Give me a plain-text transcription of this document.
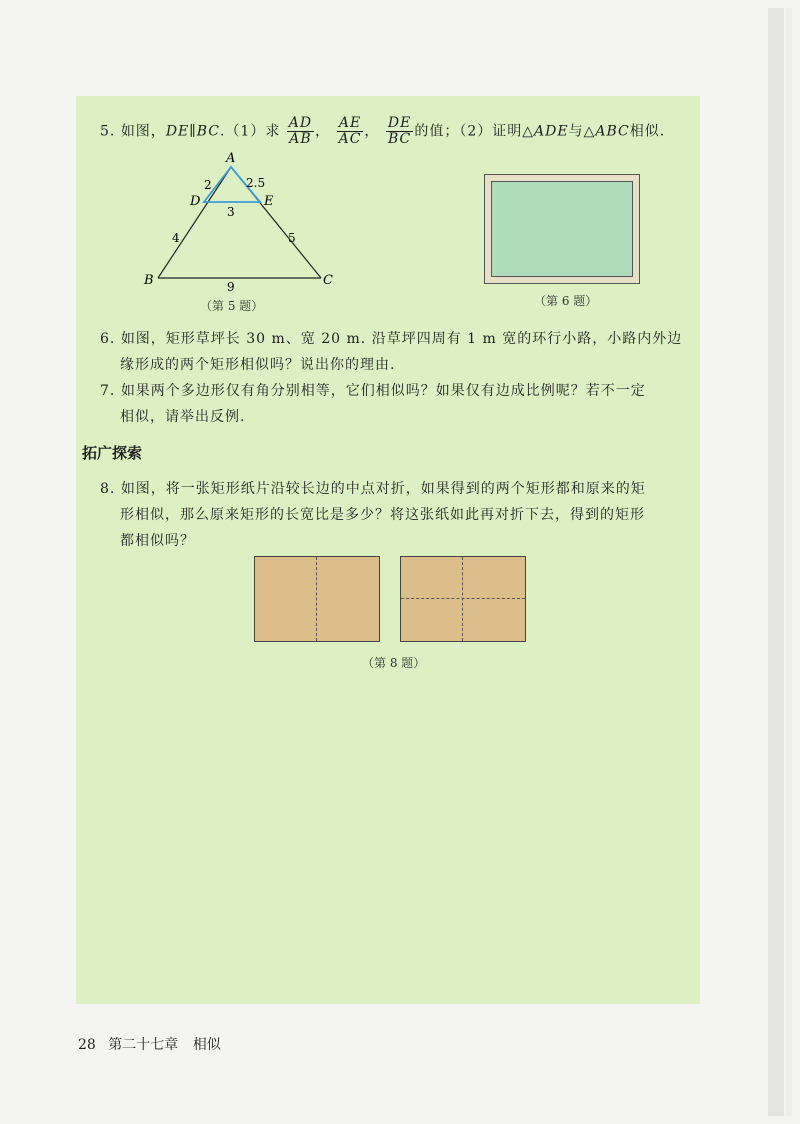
5. 如图，DE∥BC.（1）求 $\frac{AD}{AB}$ ， $\frac{AE}{AC}$ ， $\frac{DE}{BC}$ 的值；（2）证明△ADE与△ABC相似.
A
D	E
B	C
2	2.5
3
4	5
9
（第 5 题）	（第 6 题）
6. 如图，矩形草坪长 30 m、宽 20 m. 沿草坪四周有 1 m 宽的环行小路，小路内外边
缘形成的两个矩形相似吗？说出你的理由.
7. 如果两个多边形仅有角分别相等，它们相似吗？如果仅有边成比例呢？若不一定
相似，请举出反例.
拓广探索
8. 如图，将一张矩形纸片沿较长边的中点对折，如果得到的两个矩形都和原来的矩
形相似，那么原来矩形的长宽比是多少？将这张纸如此再对折下去，得到的矩形
都相似吗？
（第 8 题）
28 第二十七章 相似
